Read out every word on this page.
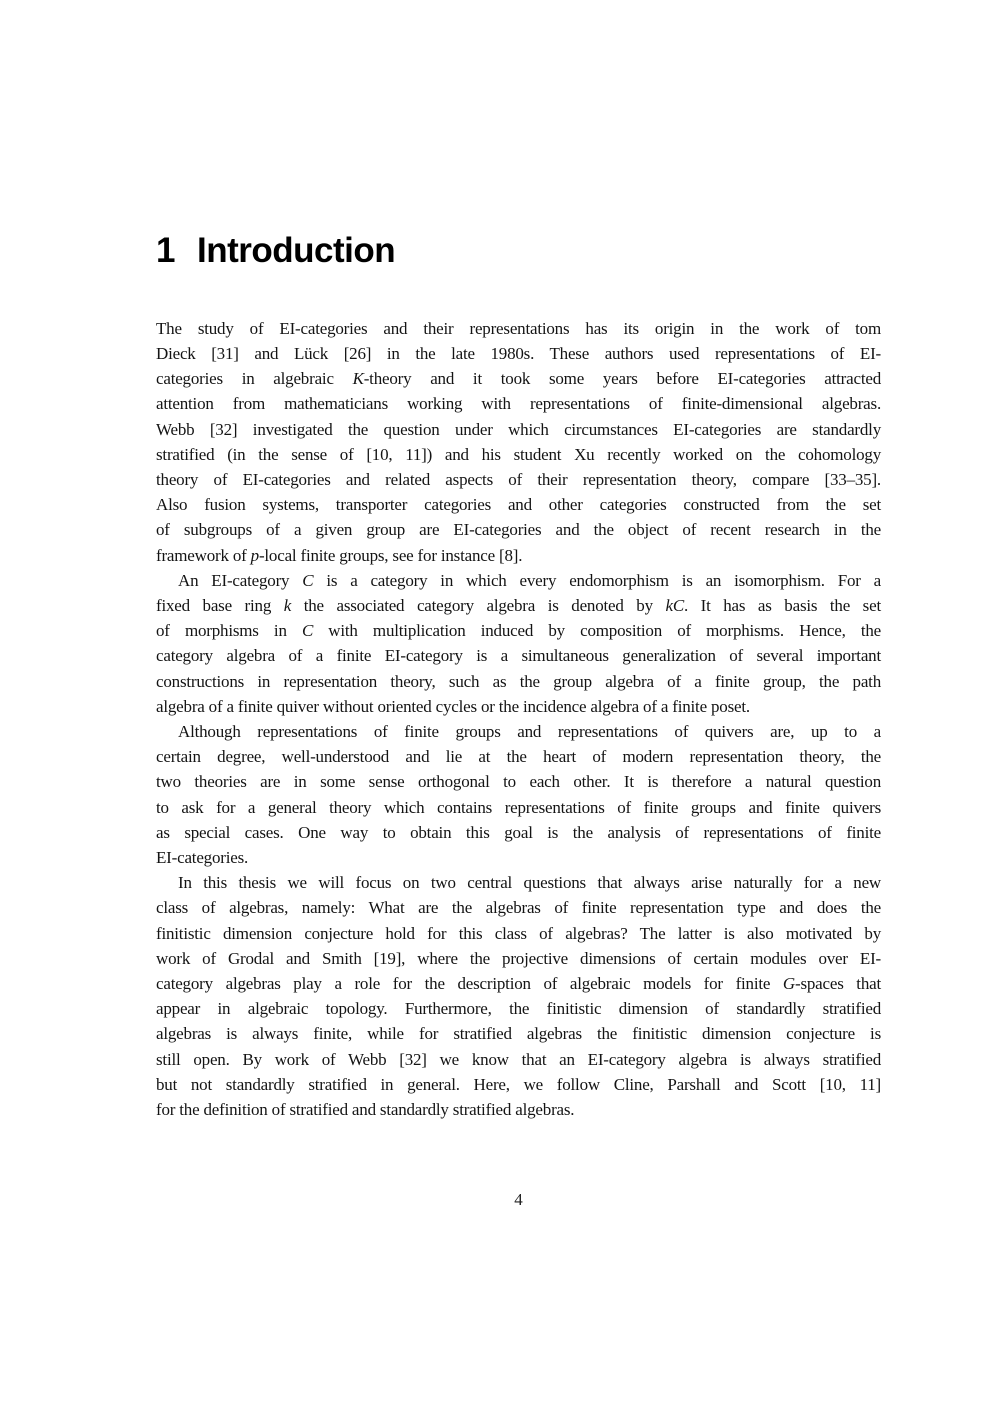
1 Introduction
The study of EI-categories and their representations has its origin in the work of tom
Dieck [31] and Lück [26] in the late 1980s. These authors used representations of EI-
categories in algebraic K-theory and it took some years before EI-categories attracted
attention from mathematicians working with representations of finite-dimensional algebras.
Webb [32] investigated the question under which circumstances EI-categories are standardly
stratified (in the sense of [10, 11]) and his student Xu recently worked on the cohomology
theory of EI-categories and related aspects of their representation theory, compare [33–35].
Also fusion systems, transporter categories and other categories constructed from the set
of subgroups of a given group are EI-categories and the object of recent research in the
framework of p-local finite groups, see for instance [8].
An EI-category C is a category in which every endomorphism is an isomorphism. For a
fixed base ring k the associated category algebra is denoted by kC. It has as basis the set
of morphisms in C with multiplication induced by composition of morphisms. Hence, the
category algebra of a finite EI-category is a simultaneous generalization of several important
constructions in representation theory, such as the group algebra of a finite group, the path
algebra of a finite quiver without oriented cycles or the incidence algebra of a finite poset.
Although representations of finite groups and representations of quivers are, up to a
certain degree, well-understood and lie at the heart of modern representation theory, the
two theories are in some sense orthogonal to each other. It is therefore a natural question
to ask for a general theory which contains representations of finite groups and finite quivers
as special cases. One way to obtain this goal is the analysis of representations of finite
EI-categories.
In this thesis we will focus on two central questions that always arise naturally for a new
class of algebras, namely: What are the algebras of finite representation type and does the
finitistic dimension conjecture hold for this class of algebras? The latter is also motivated by
work of Grodal and Smith [19], where the projective dimensions of certain modules over EI-
category algebras play a role for the description of algebraic models for finite G-spaces that
appear in algebraic topology. Furthermore, the finitistic dimension of standardly stratified
algebras is always finite, while for stratified algebras the finitistic dimension conjecture is
still open. By work of Webb [32] we know that an EI-category algebra is always stratified
but not standardly stratified in general. Here, we follow Cline, Parshall and Scott [10, 11]
for the definition of stratified and standardly stratified algebras.
4
